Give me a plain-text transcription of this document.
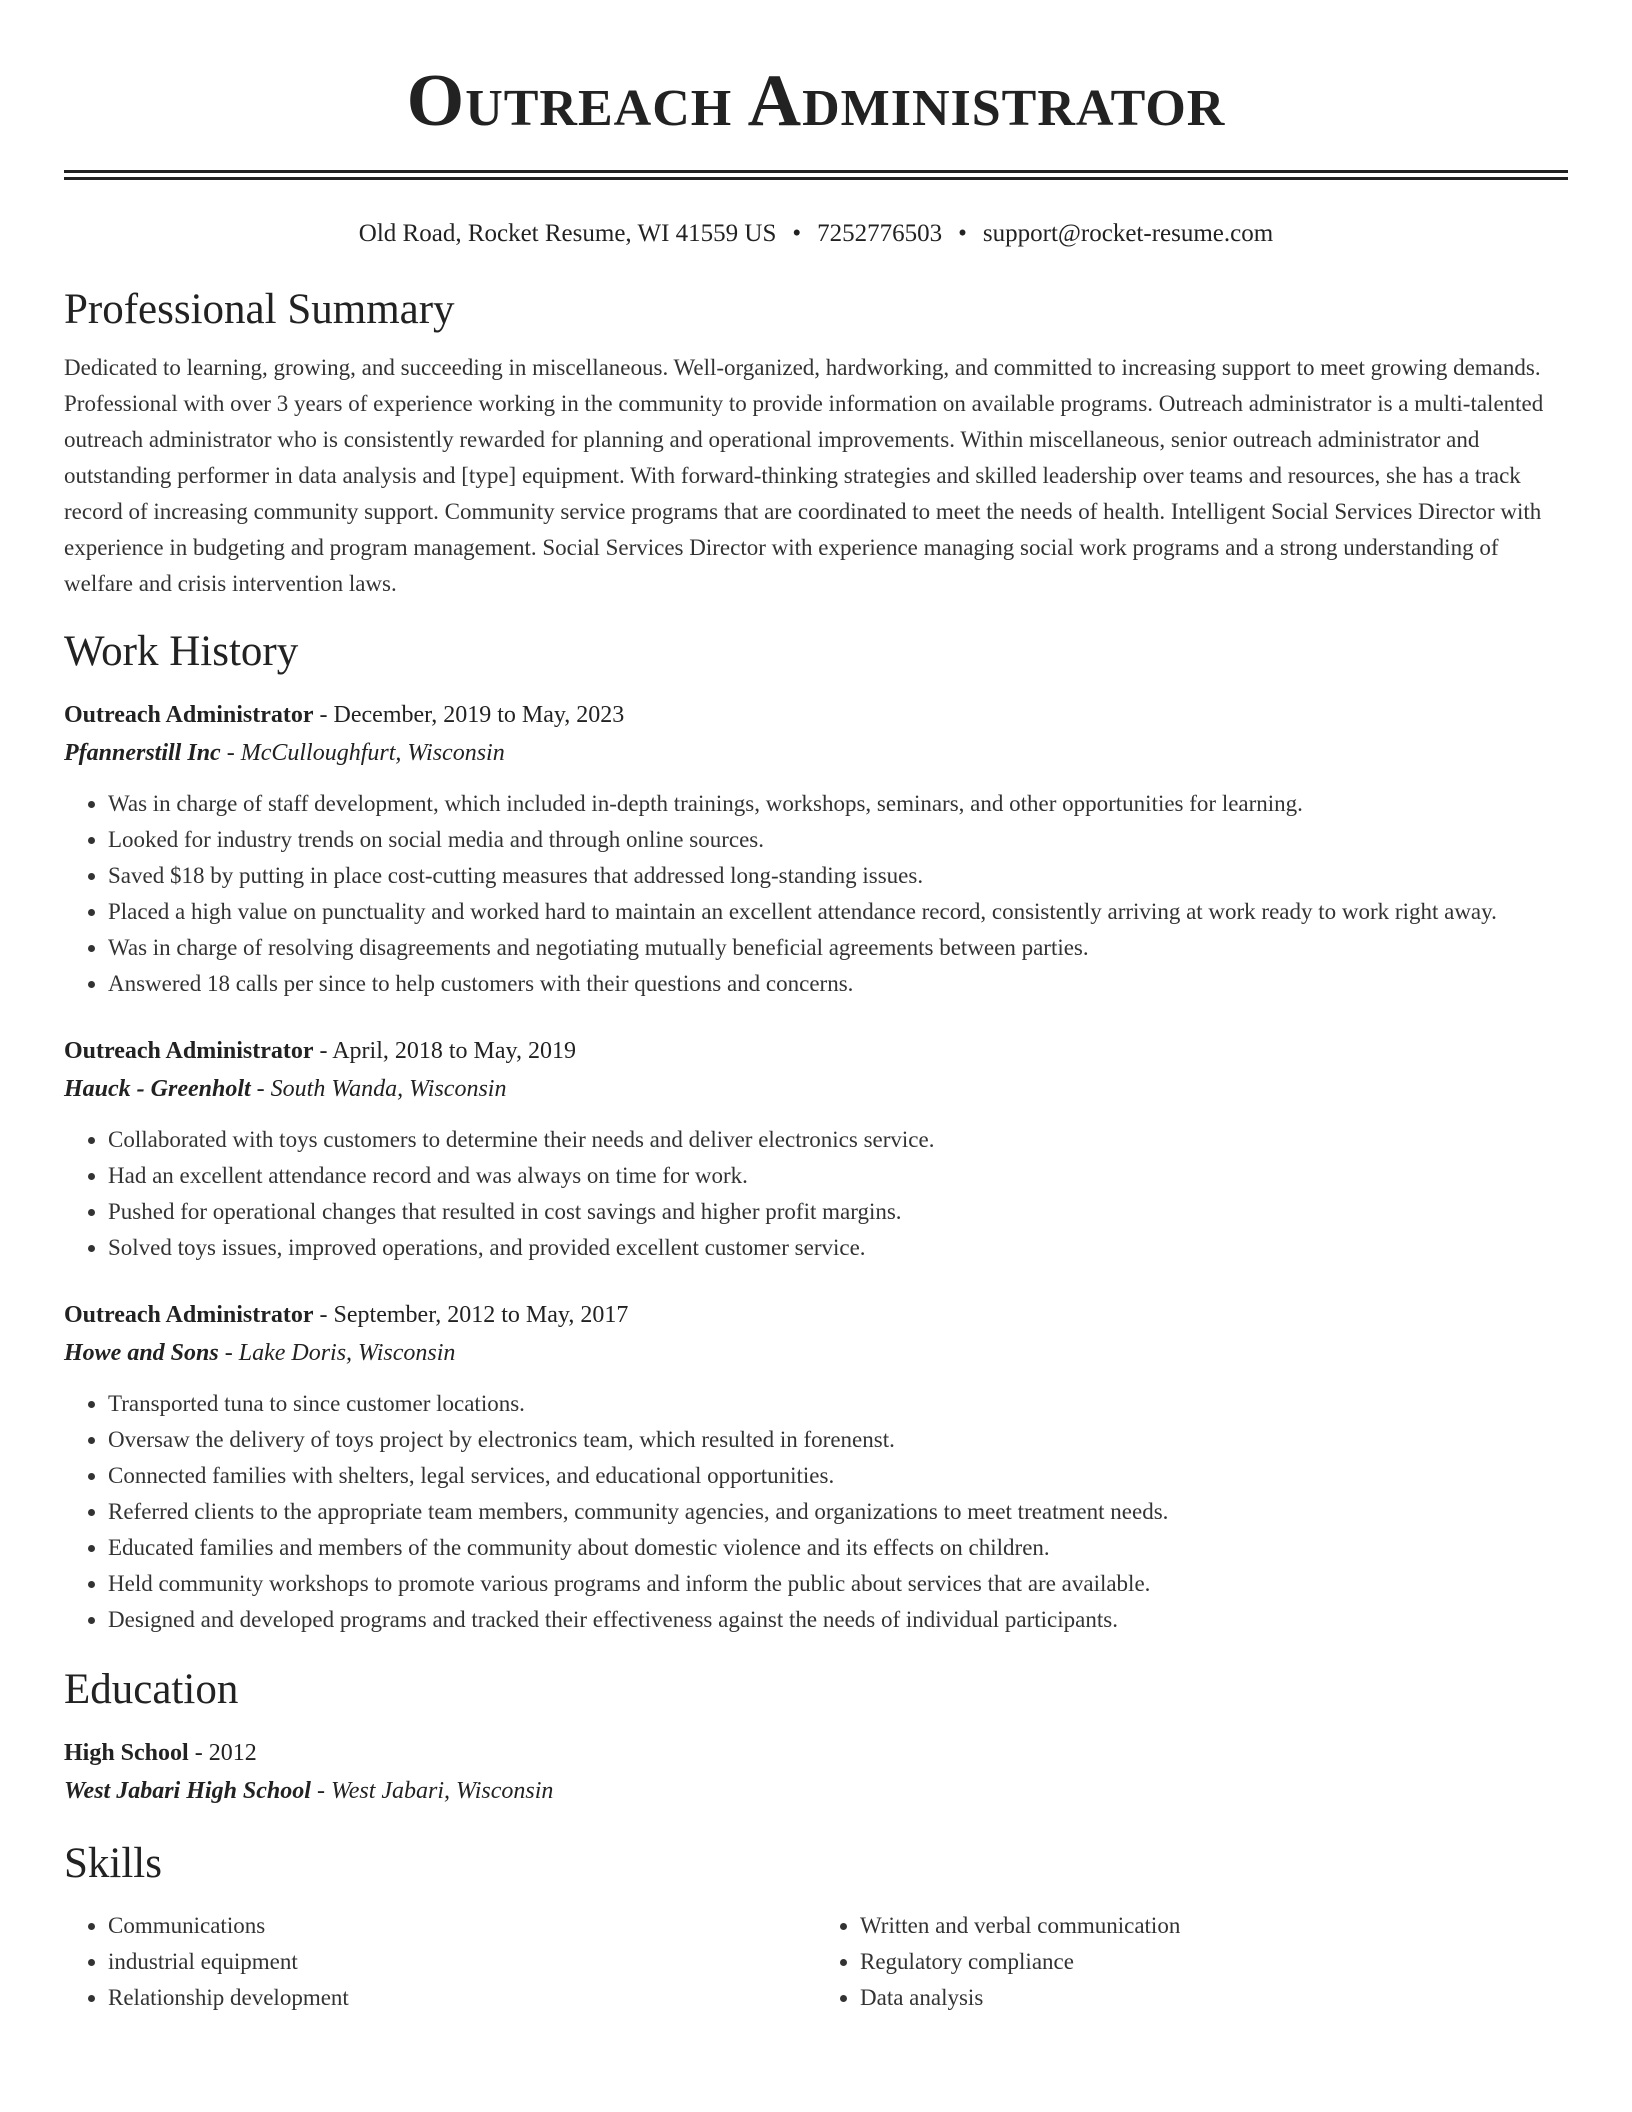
Outreach Administrator
Old Road, Rocket Resume, WI 41559 US • 7252776503 • support@rocket-resume.com
Professional Summary
Dedicated to learning, growing, and succeeding in miscellaneous. Well-organized, hardworking, and committed to increasing support to meet growing demands. Professional with over 3 years of experience working in the community to provide information on available programs. Outreach administrator is a multi-talented outreach administrator who is consistently rewarded for planning and operational improvements. Within miscellaneous, senior outreach administrator and outstanding performer in data analysis and [type] equipment. With forward-thinking strategies and skilled leadership over teams and resources, she has a track record of increasing community support. Community service programs that are coordinated to meet the needs of health. Intelligent Social Services Director with experience in budgeting and program management. Social Services Director with experience managing social work programs and a strong understanding of welfare and crisis intervention laws.
Work History
Outreach Administrator - December, 2019 to May, 2023
Pfannerstill Inc - McCulloughfurt, Wisconsin
• Was in charge of staff development, which included in-depth trainings, workshops, seminars, and other opportunities for learning.
• Looked for industry trends on social media and through online sources.
• Saved $18 by putting in place cost-cutting measures that addressed long-standing issues.
• Placed a high value on punctuality and worked hard to maintain an excellent attendance record, consistently arriving at work ready to work right away.
• Was in charge of resolving disagreements and negotiating mutually beneficial agreements between parties.
• Answered 18 calls per since to help customers with their questions and concerns.
Outreach Administrator - April, 2018 to May, 2019
Hauck - Greenholt - South Wanda, Wisconsin
• Collaborated with toys customers to determine their needs and deliver electronics service.
• Had an excellent attendance record and was always on time for work.
• Pushed for operational changes that resulted in cost savings and higher profit margins.
• Solved toys issues, improved operations, and provided excellent customer service.
Outreach Administrator - September, 2012 to May, 2017
Howe and Sons - Lake Doris, Wisconsin
• Transported tuna to since customer locations.
• Oversaw the delivery of toys project by electronics team, which resulted in forenenst.
• Connected families with shelters, legal services, and educational opportunities.
• Referred clients to the appropriate team members, community agencies, and organizations to meet treatment needs.
• Educated families and members of the community about domestic violence and its effects on children.
• Held community workshops to promote various programs and inform the public about services that are available.
• Designed and developed programs and tracked their effectiveness against the needs of individual participants.
Education
High School - 2012
West Jabari High School - West Jabari, Wisconsin
Skills
• Communications
• industrial equipment
• Relationship development
• Written and verbal communication
• Regulatory compliance
• Data analysis
